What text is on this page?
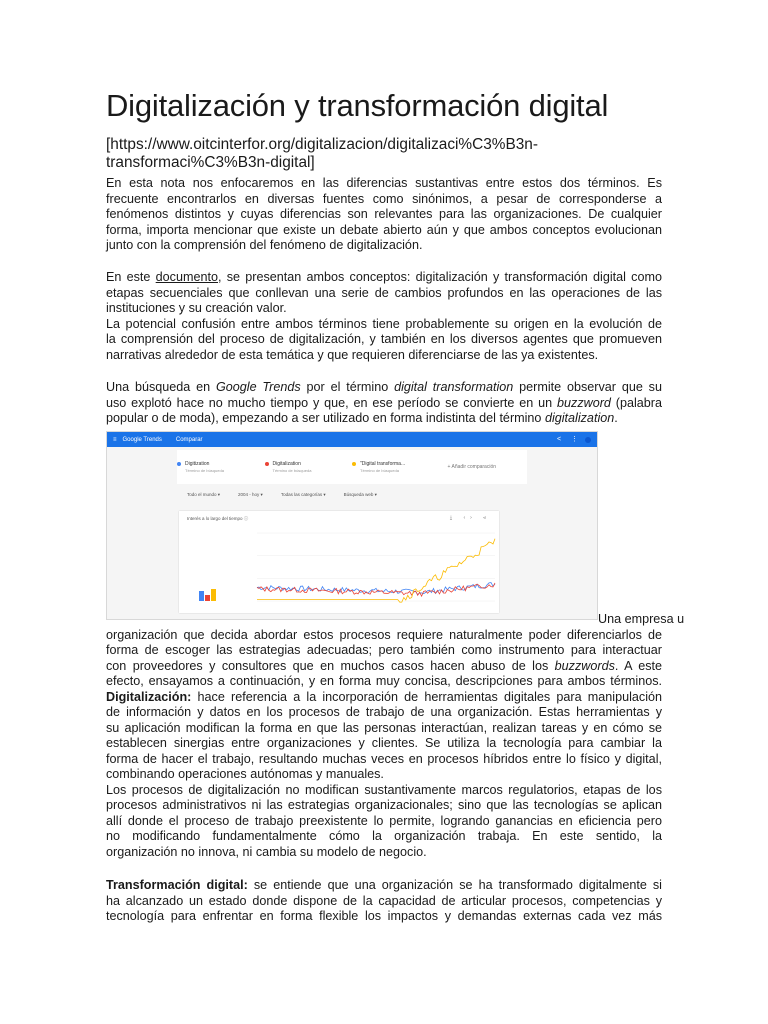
Digitalización y transformación digital
[https://www.oitcinterfor.org/digitalizacion/digitalizaci%C3%B3n-transformaci%C3%B3n-digital]
En esta nota nos enfocaremos en las diferencias sustantivas entre estos dos términos. Es
frecuente encontrarlos en diversas fuentes como sinónimos, a pesar de corresponderse a
fenómenos distintos y cuyas diferencias son relevantes para las organizaciones. De cualquier
forma, importa mencionar que existe un debate abierto aún y que ambos conceptos evolucionan
junto con la comprensión del fenómeno de digitalización.
En este documento, se presentan ambos conceptos: digitalización y transformación digital como
etapas secuenciales que conllevan una serie de cambios profundos en las operaciones de las
instituciones y su creación valor.
La potencial confusión entre ambos términos tiene probablemente su origen en la evolución de
la comprensión del proceso de digitalización, y también en los diversos agentes que promueven
narrativas alrededor de esta temática y que requieren diferenciarse de las ya existentes.
Una búsqueda en Google Trends por el término digital transformation permite observar que su
uso explotó hace no mucho tiempo y que, en ese período se convierte en un buzzword (palabra
popular o de moda), empezando a ser utilizado en forma indistinta del término digitalization.
≡ Google Trends Comparar	< ⋮
Digitization
Término de búsqueda
Digitalization
Término de búsqueda
"Digital transforma...
Término de búsqueda
+ Añadir comparación
Todo el mundo ▾	2004 - hoy ▾	Todas las categorías ▾	Búsqueda web ▾
Interés a lo largo del tiempo ⓘ	⤓ ‹› ⋖
Una empresa u
organización que decida abordar estos procesos requiere naturalmente poder diferenciarlos de
forma de escoger las estrategias adecuadas; pero también como instrumento para interactuar
con proveedores y consultores que en muchos casos hacen abuso de los buzzwords. A este
efecto, ensayamos a continuación, y en forma muy concisa, descripciones para ambos términos.
Digitalización: hace referencia a la incorporación de herramientas digitales para manipulación
de información y datos en los procesos de trabajo de una organización. Estas herramientas y
su aplicación modifican la forma en que las personas interactúan, realizan tareas y en cómo se
establecen sinergias entre organizaciones y clientes. Se utiliza la tecnología para cambiar la
forma de hacer el trabajo, resultando muchas veces en procesos híbridos entre lo físico y digital,
combinando operaciones autónomas y manuales.
Los procesos de digitalización no modifican sustantivamente marcos regulatorios, etapas de los
procesos administrativos ni las estrategias organizacionales; sino que las tecnologías se aplican
allí donde el proceso de trabajo preexistente lo permite, logrando ganancias en eficiencia pero
no modificando fundamentalmente cómo la organización trabaja. En este sentido, la
organización no innova, ni cambia su modelo de negocio.
Transformación digital: se entiende que una organización se ha transformado digitalmente si
ha alcanzado un estado donde dispone de la capacidad de articular procesos, competencias y
tecnología para enfrentar en forma flexible los impactos y demandas externas cada vez más
